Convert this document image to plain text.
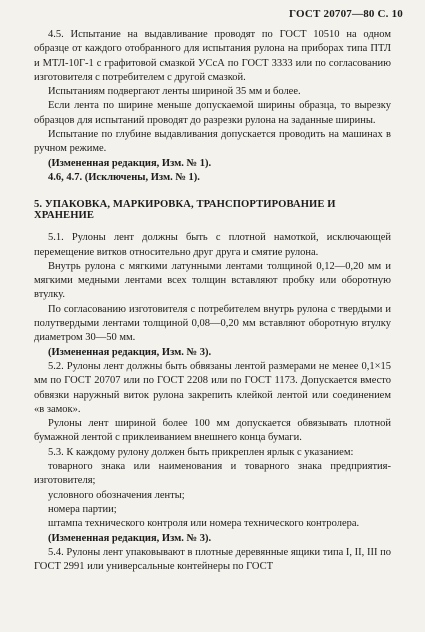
ГОСТ 20707—80 С. 10

4.5. Испытание на выдавливание проводят по ГОСТ 10510 на одном образце от каждого отобранного для испытания рулона на приборах типа ПТЛ и МТЛ-10Г-1 с графитовой смазкой УСсА по ГОСТ 3333 или по согласованию изготовителя с потребителем с другой смазкой.

Испытаниям подвергают ленты шириной 35 мм и более.

Если лента по ширине меньше допускаемой ширины образца, то вырезку образцов для испытаний проводят до разрезки рулона на заданные ширины.

Испытание по глубине выдавливания допускается проводить на машинах в ручном режиме.

(Измененная редакция, Изм. № 1).

4.6, 4.7. (Исключены, Изм. № 1).

5. УПАКОВКА, МАРКИРОВКА, ТРАНСПОРТИРОВАНИЕ И ХРАНЕНИЕ

5.1. Рулоны лент должны быть с плотной намоткой, исключающей перемещение витков относительно друг друга и смятие рулона.

Внутрь рулона с мягкими латунными лентами толщиной 0,12—0,20 мм и мягкими медными лентами всех толщин вставляют пробку или оборотную втулку.

По согласованию изготовителя с потребителем внутрь рулона с твердыми и полутвердыми лентами толщиной 0,08—0,20 мм вставляют оборотную втулку диаметром 30—50 мм.

(Измененная редакция, Изм. № 3).

5.2. Рулоны лент должны быть обвязаны лентой размерами не менее 0,1×15 мм по ГОСТ 20707 или по ГОСТ 2208 или по ГОСТ 1173. Допускается вместо обвязки наружный виток рулона закрепить клейкой лентой или соединением «в замок».

Рулоны лент шириной более 100 мм допускается обвязывать плотной бумажной лентой с приклеиванием внешнего конца бумаги.

5.3. К каждому рулону должен быть прикреплен ярлык с указанием:

товарного знака или наименования и товарного знака предприятия-изготовителя;

условного обозначения ленты;

номера партии;

штампа технического контроля или номера технического контролера.

(Измененная редакция, Изм. № 3).

5.4. Рулоны лент упаковывают в плотные деревянные ящики типа I, II, III по ГОСТ 2991 или универсальные контейнеры по ГОСТ
